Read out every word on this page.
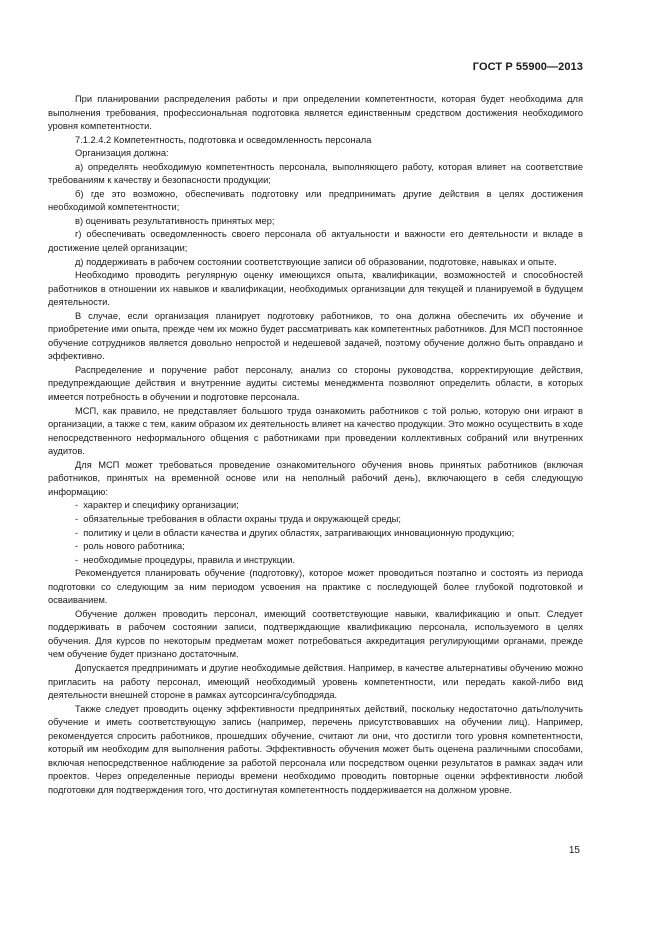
ГОСТ Р 55900—2013

При планировании распределения работы и при определении компетентности, которая будет необходима для выполнения требования, профессиональная подготовка является единственным средством достижения необходимого уровня компетентности.

7.1.2.4.2 Компетентность, подготовка и осведомленность персонала

Организация должна:

а) определять необходимую компетентность персонала, выполняющего работу, которая влияет на соответствие требованиям к качеству и безопасности продукции;

б) где это возможно, обеспечивать подготовку или предпринимать другие действия в целях достижения необходимой компетентности;

в) оценивать результативность принятых мер;

г) обеспечивать осведомленность своего персонала об актуальности и важности его деятельности и вкладе в достижение целей организации;

д) поддерживать в рабочем состоянии соответствующие записи об образовании, подготовке, навыках и опыте.

Необходимо проводить регулярную оценку имеющихся опыта, квалификации, возможностей и способностей работников в отношении их навыков и квалификации, необходимых организации для текущей и планируемой в будущем деятельности.

В случае, если организация планирует подготовку работников, то она должна обеспечить их обучение и приобретение ими опыта, прежде чем их можно будет рассматривать как компетентных работников. Для МСП постоянное обучение сотрудников является довольно непростой и недешевой задачей, поэтому обучение должно быть оправдано и эффективно.

Распределение и поручение работ персоналу, анализ со стороны руководства, корректирующие действия, предупреждающие действия и внутренние аудиты системы менеджмента позволяют определить области, в которых имеется потребность в обучении и подготовке персонала.

МСП, как правило, не представляет большого труда ознакомить работников с той ролью, которую они играют в организации, а также с тем, каким образом их деятельность влияет на качество продукции. Это можно осуществить в ходе непосредственного неформального общения с работниками при проведении коллективных собраний или внутренних аудитов.

Для МСП может требоваться проведение ознакомительного обучения вновь принятых работников (включая работников, принятых на временной основе или на неполный рабочий день), включающего в себя следующую информацию:

-  характер и специфику организации;
-  обязательные требования в области охраны труда и окружающей среды;
-  политику и цели в области качества и других областях, затрагивающих инновационную продукцию;
-  роль нового работника;
-  необходимые процедуры, правила и инструкции.

Рекомендуется планировать обучение (подготовку), которое может проводиться поэтапно и состоять из периода подготовки со следующим за ним периодом усвоения на практике с последующей более глубокой подготовкой и осваиванием.

Обучение должен проводить персонал, имеющий соответствующие навыки, квалификацию и опыт. Следует поддерживать в рабочем состоянии записи, подтверждающие квалификацию персонала, используемого в целях обучения. Для курсов по некоторым предметам может потребоваться аккредитация регулирующими органами, прежде чем обучение будет признано достаточным.

Допускается предпринимать и другие необходимые действия. Например, в качестве альтернативы обучению можно пригласить на работу персонал, имеющий необходимый уровень компетентности, или передать какой-либо вид деятельности внешней стороне в рамках аутсорсинга/субподряда.

Также следует проводить оценку эффективности предпринятых действий, поскольку недостаточно дать/получить обучение и иметь соответствующую запись (например, перечень присутствовавших на обучении лиц). Например, рекомендуется спросить работников, прошедших обучение, считают ли они, что достигли того уровня компетентности, который им необходим для выполнения работы. Эффективность обучения может быть оценена различными способами, включая непосредственное наблюдение за работой персонала или посредством оценки результатов в рамках задач или проектов. Через определенные периоды времени необходимо проводить повторные оценки эффективности любой подготовки для подтверждения того, что достигнутая компетентность поддерживается на должном уровне.

15
